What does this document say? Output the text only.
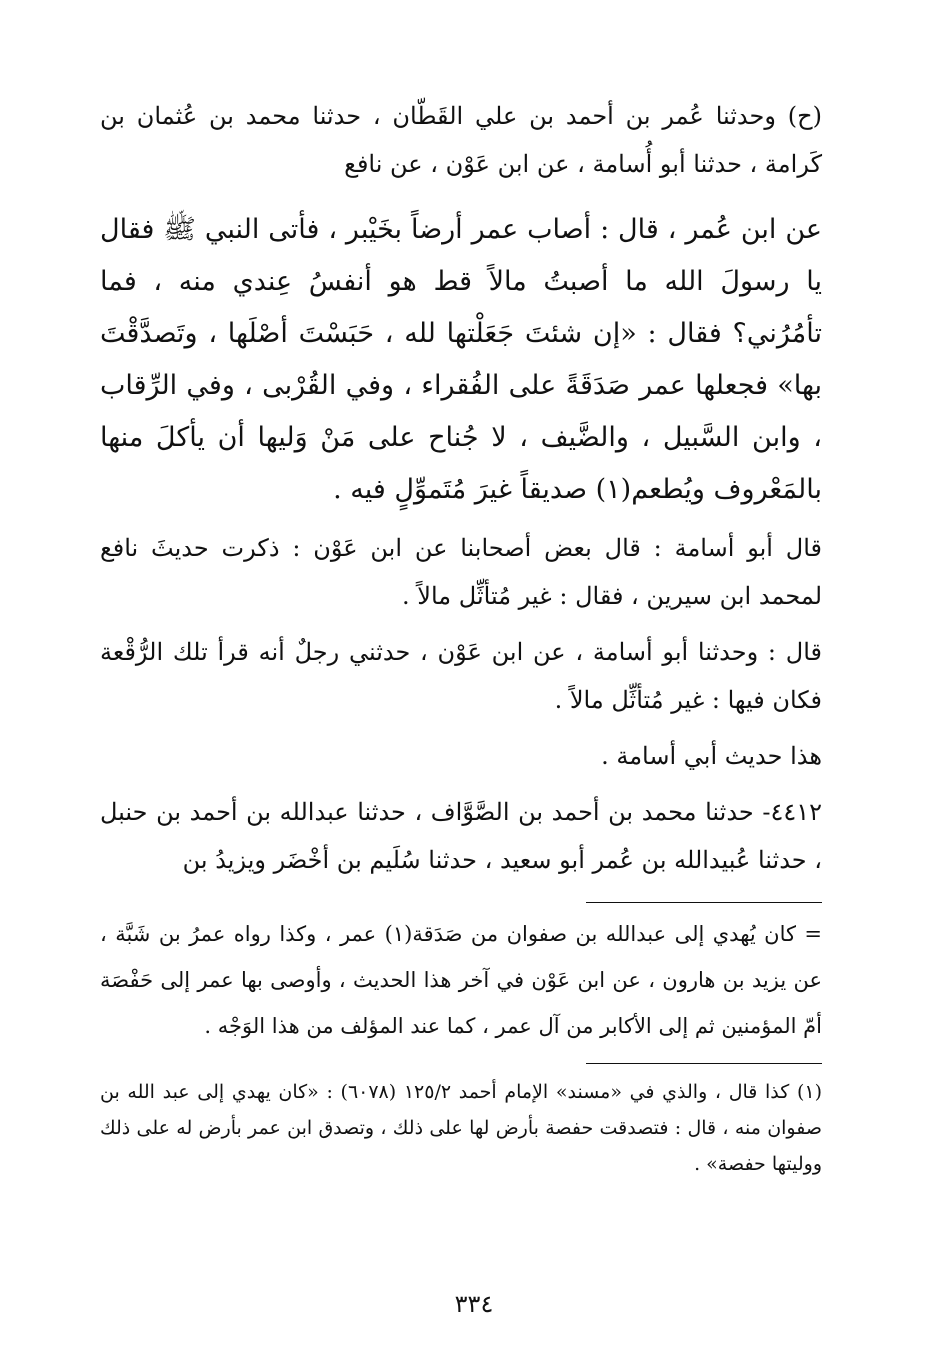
(ح) وحدثنا عُمر بن أحمد بن علي القَطّان ، حدثنا محمد بن عُثمان بن كَرامة ، حدثنا أبو أُسامة ، عن ابن عَوْن ، عن نافع

عن ابن عُمر ، قال : أصاب عمر أرضاً بخَيْبر ، فأتى النبي ﷺ فقال يا رسولَ الله ما أصبتُ مالاً قط هو أنفسُ عِندي منه ، فما تأمُرُني؟ فقال : «إن شئتَ جَعَلْتها لله ، حَبَسْتَ أصْلَها ، وتَصدَّقْتَ بها» فجعلها عمر صَدَقَةً على الفُقراء ، وفي القُرْبى ، وفي الرِّقاب ، وابن السَّبيل ، والضَّيف ، لا جُناح على مَنْ وَليها أن يأكلَ منها بالمَعْروف ويُطعم(١) صديقاً غيرَ مُتَموِّلٍ فيه .

قال أبو أسامة : قال بعض أصحابنا عن ابن عَوْن : ذكرت حديثَ نافع لمحمد ابن سيرين ، فقال : غير مُتأثِّل مالاً .

قال : وحدثنا أبو أسامة ، عن ابن عَوْن ، حدثني رجلٌ أنه قرأ تلك الرُّقْعة فكان فيها : غير مُتأثِّل مالاً .

هذا حديث أبي أسامة .

٤٤١٢- حدثنا محمد بن أحمد بن الصَّوَّاف ، حدثنا عبدالله بن أحمد بن حنبل ، حدثنا عُبيدالله بن عُمر أبو سعيد ، حدثنا سُلَيم بن أخْضَر ويزيدُ بن

= كان يُهدي إلى عبدالله بن صفوان من صَدَقة(١) عمر ، وكذا رواه عمرُ بن شَبَّة ، عن يزيد بن هارون ، عن ابن عَوْن في آخر هذا الحديث ، وأوصى بها عمر إلى حَفْصَة أمّ المؤمنين ثم إلى الأكابر من آل عمر ، كما عند المؤلف من هذا الوَجْه .

(١) كذا قال ، والذي في «مسند» الإمام أحمد ١٢٥/٢ (٦٠٧٨) : «كان يهدي إلى عبد الله بن صفوان منه ، قال : فتصدقت حفصة بأرض لها على ذلك ، وتصدق ابن عمر بأرض له على ذلك ووليتها حفصة» .

٣٣٤
